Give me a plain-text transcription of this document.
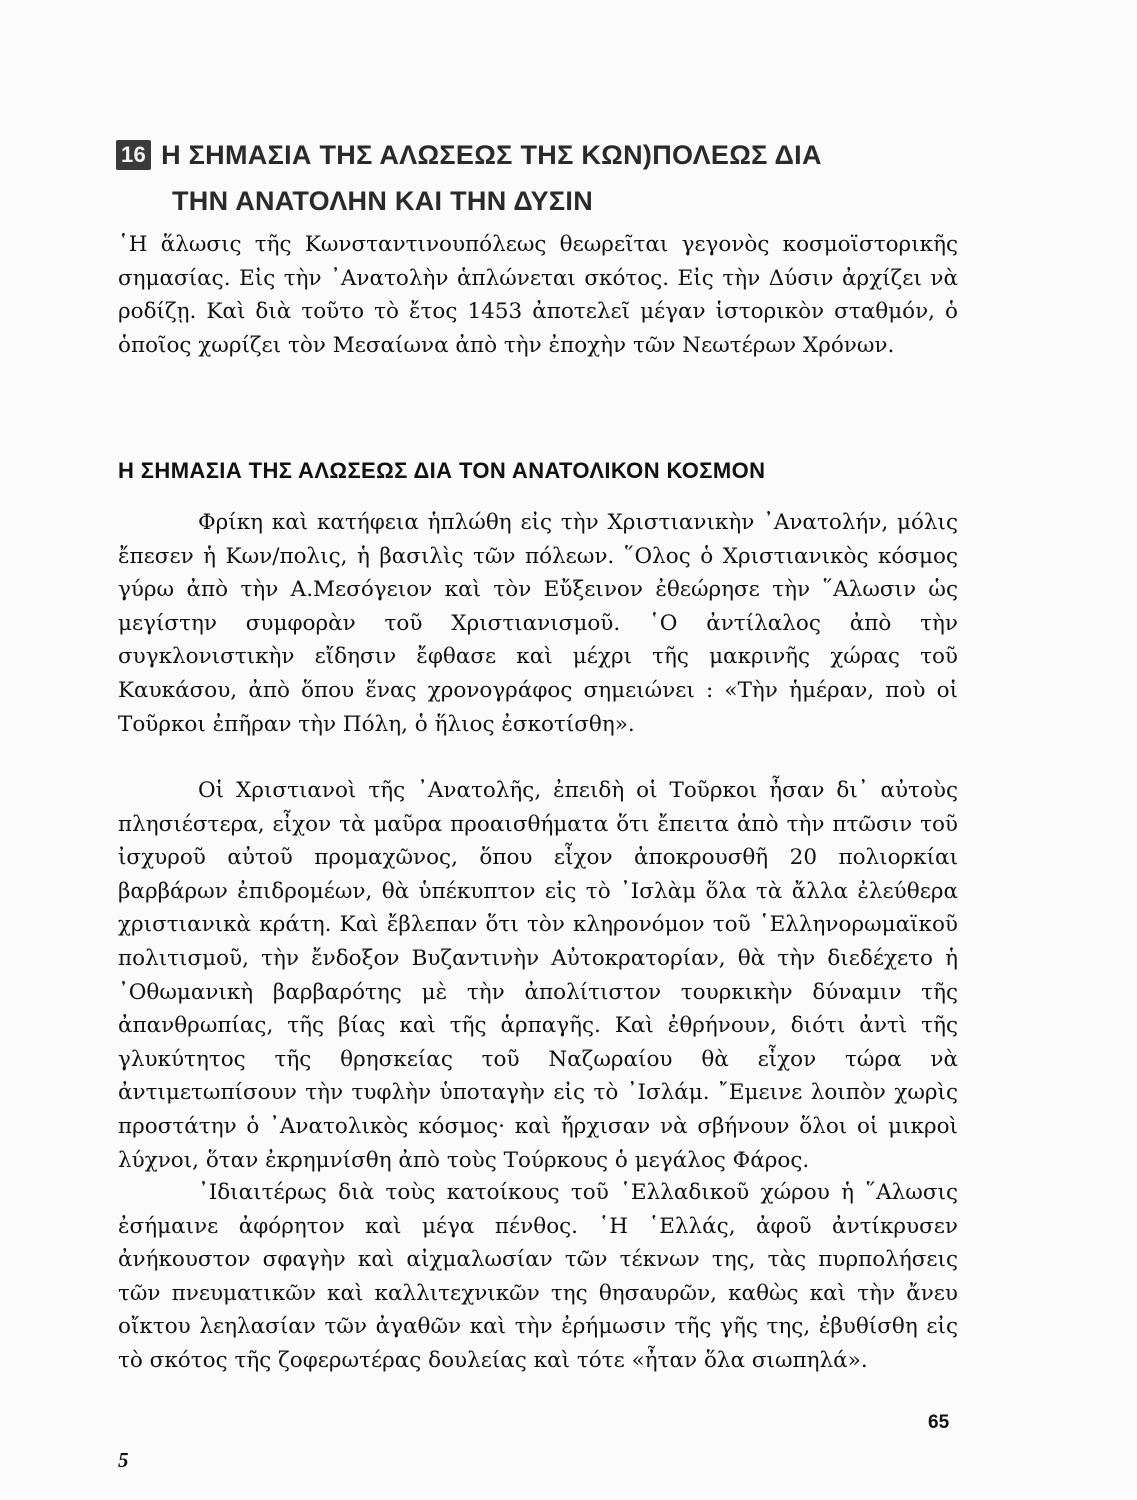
16 Η ΣΗΜΑΣΙΑ ΤΗΣ ΑΛΩΣΕΩΣ ΤΗΣ ΚΩΝ)ΠΟΛΕΩΣ ΔΙΑ
ΤΗΝ ΑΝΑΤΟΛΗΝ ΚΑΙ ΤΗΝ ΔΥΣΙΝ

῾Η ἅλωσις τῆς Κωνσταντινουπόλεως θεωρεῖται γεγονὸς κοσμοϊστορικῆς σημασίας. Εἰς τὴν ᾿Ανατολὴν ἁπλώνεται σκότος. Εἰς τὴν Δύσιν ἀρχίζει νὰ ροδίζῃ. Καὶ διὰ τοῦτο τὸ ἔτος 1453 ἀποτελεῖ μέγαν ἱστορικὸν σταθμόν, ὁ ὁποῖος χωρίζει τὸν Μεσαίωνα ἀπὸ τὴν ἐποχὴν τῶν Νεωτέρων Χρόνων.

Η ΣΗΜΑΣΙΑ ΤΗΣ ΑΛΩΣΕΩΣ ΔΙΑ ΤΟΝ ΑΝΑΤΟΛΙΚΟΝ ΚΟΣΜΟΝ

Φρίκη καὶ κατήφεια ἡπλώθη εἰς τὴν Χριστιανικὴν ᾿Ανατολήν, μόλις ἔπεσεν ἡ Κων/πολις, ἡ βασιλὶς τῶν πόλεων. ῞Ολος ὁ Χριστιανικὸς κόσμος γύρω ἀπὸ τὴν Α.Μεσόγειον καὶ τὸν Εὔξεινον ἐθεώρησε τὴν ῞Αλωσιν ὡς μεγίστην συμφορὰν τοῦ Χριστιανισμοῦ. ῾Ο ἀντίλαλος ἀπὸ τὴν συγκλονιστικὴν εἴδησιν ἔφθασε καὶ μέχρι τῆς μακρινῆς χώρας τοῦ Καυκάσου, ἀπὸ ὅπου ἕνας χρονογράφος σημειώνει : «Τὴν ἡμέραν, ποὺ οἱ Τοῦρκοι ἐπῆραν τὴν Πόλη, ὁ ἥλιος ἐσκοτίσθη».

Οἱ Χριστιανοὶ τῆς ᾿Ανατολῆς, ἐπειδὴ οἱ Τοῦρκοι ἦσαν δι᾿ αὐτοὺς πλησιέστερα, εἶχον τὰ μαῦρα προαισθήματα ὅτι ἔπειτα ἀπὸ τὴν πτῶσιν τοῦ ἰσχυροῦ αὐτοῦ προμαχῶνος, ὅπου εἶχον ἀποκρουσθῆ 20 πολιορκίαι βαρβάρων ἐπιδρομέων, θὰ ὑπέκυπτον εἰς τὸ ᾿Ισλὰμ ὅλα τὰ ἄλλα ἐλεύθερα χριστιανικὰ κράτη. Καὶ ἔβλεπαν ὅτι τὸν κληρονόμον τοῦ ῾Ελληνορωμαϊκοῦ πολιτισμοῦ, τὴν ἔνδοξον Βυζαντινὴν Αὐτοκρατορίαν, θὰ τὴν διεδέχετο ἡ ᾿Οθωμανικὴ βαρβαρότης μὲ τὴν ἀπολίτιστον τουρκικὴν δύναμιν τῆς ἀπανθρωπίας, τῆς βίας καὶ τῆς ἁρπαγῆς. Καὶ ἐθρήνουν, διότι ἀντὶ τῆς γλυκύτητος τῆς θρησκείας τοῦ Ναζωραίου θὰ εἶχον τώρα νὰ ἀντιμετωπίσουν τὴν τυφλὴν ὑποταγὴν εἰς τὸ ᾿Ισλάμ. ῎Εμεινε λοιπὸν χωρὶς προστάτην ὁ ᾿Ανατολικὸς κόσμος· καὶ ἤρχισαν νὰ σβήνουν ὅλοι οἱ μικροὶ λύχνοι, ὅταν ἐκρημνίσθη ἀπὸ τοὺς Τούρκους ὁ μεγάλος Φάρος.

᾿Ιδιαιτέρως διὰ τοὺς κατοίκους τοῦ ῾Ελλαδικοῦ χώρου ἡ ῞Αλωσις ἐσήμαινε ἀφόρητον καὶ μέγα πένθος. ῾Η ῾Ελλάς, ἀφοῦ ἀντίκρυσεν ἀνήκουστον σφαγὴν καὶ αἰχμαλωσίαν τῶν τέκνων της, τὰς πυρπολήσεις τῶν πνευματικῶν καὶ καλλιτεχνικῶν της θησαυρῶν, καθὼς καὶ τὴν ἄνευ οἴκτου λεηλασίαν τῶν ἀγαθῶν καὶ τὴν ἐρήμωσιν τῆς γῆς της, ἐβυθίσθη εἰς τὸ σκότος τῆς ζοφερωτέρας δουλείας καὶ τότε «ἦταν ὅλα σιωπηλά».

65
5
